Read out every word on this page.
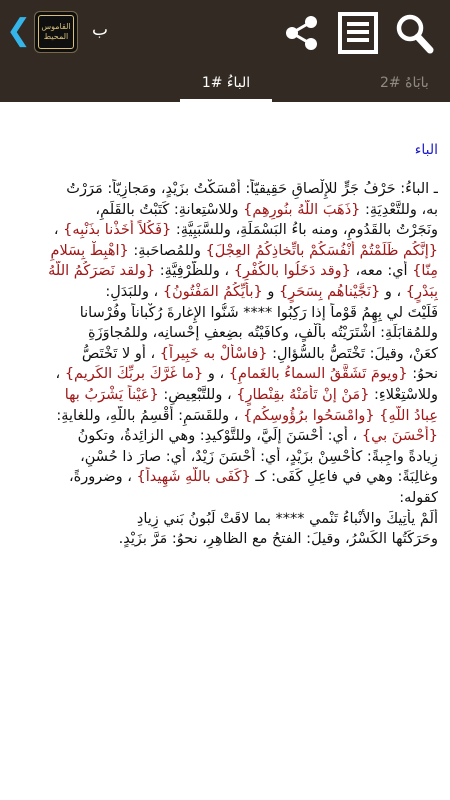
❮ القاموس
المحيط ب
الباءُ #1	بابَاهُ #2
الباء
ـ الباءُ: حَرْفُ جَرٍّ للإِلْصاقِ حَقِيقيّاً: أمْسَكْتُ بزَيْدٍ، ومَجازِيّاً: مَرَرْتُ
به، وللتَّعْدِيَةِ: {ذَهَبَ اللَّهُ بنُورِهِم} وللاسْتِعانةِ: كَتَبْتُ بالقَلَمِ،
ونَجَرْتُ بالقَدُومِ، ومنه باءُ البَسْمَلَةِ، وللسَّبَبِيَّةِ: {فَكُلاً أخَذْنا بذَنْبِه} ،
{إنَّكُم ظَلَمْتُمْ أنْفُسَكُمْ باتِّخاذِكُمُ العِجْلَ} وللمُصاحَبةِ: {اهْبِطْ بِسَلامٍ
مِنّا} أي: معه، {وقد دَخَلُوا بالكُفْرِ} ، وللظَّرْفِيَّةِ: {ولقد نَصَرَكُمُ اللّهُ
بِبَدْرٍ} ، و {نَجَّيْناهُم بِسَحَرٍ} و {بأيِّكُمُ المَفْتُونُ} ، وللبَدَلِ:
فَلَيْتَ لي بِهِمُ قَوْماً إذا رَكِبُوا **** شَنُّوا الإِغارةَ رُكْباناً وفُرْسانا
وللمُقابَلَةِ: اشْتَرَيْتُه بألْفٍ، وكافَيْتُه بضِعفِ إحْسانِه، وللمُجاوَزَةِ
كعَنْ، وقيلَ: تَخْتَصُّ بالسُّؤالِ: {فاسْأَلْ به خَبِيراً} ، أو لا تَخْتَصُّ
نحوُ: {ويومَ تَشَقَّقُ السماءُ بالغَمامِ} ، و {ما غَرَّكَ بربِّكَ الكَريم} ،
وللاسْتِعْلاءِ: {مَنْ إنْ تَأْمَنْهُ بقِنْطارٍ} ، وللتَّبْعِيضِ: {عَيْناً يَشْرَبُ بها
عِبادُ اللّهِ} {وامْسَحُوا برُؤُوسِكُم} ، وللقَسَمِ: أُقْسِمُ باللّهِ، وللغايةِ:
{أحْسَنَ بي} ، أي: أحْسَنَ إلَيَّ، وللتَّوْكيدِ: وهي الزائِدةُ، وتكونُ
زِيادةً واجِبةً: كأحْسِنْ بزَيْدٍ، أي: أحْسَنَ زَيْدٌ، أي: صارَ ذا حُسْنٍ،
وغالِبَةً: وهي في فاعِلِ كَفَى: كـ {كَفَى باللّهِ شَهِيداً} ، وضرورةً،
كقوله:
ألَمْ يأْتِيكَ والأَنْباءُ تَنْمي **** بما لاقَتْ لَبُونُ بَني زِيادِ
وحَرَكَتُها الكَسْرُ، وقيلَ: الفتحُ مع الظاهِرِ، نحوُ: مَرَّ بزَيْدٍ.
